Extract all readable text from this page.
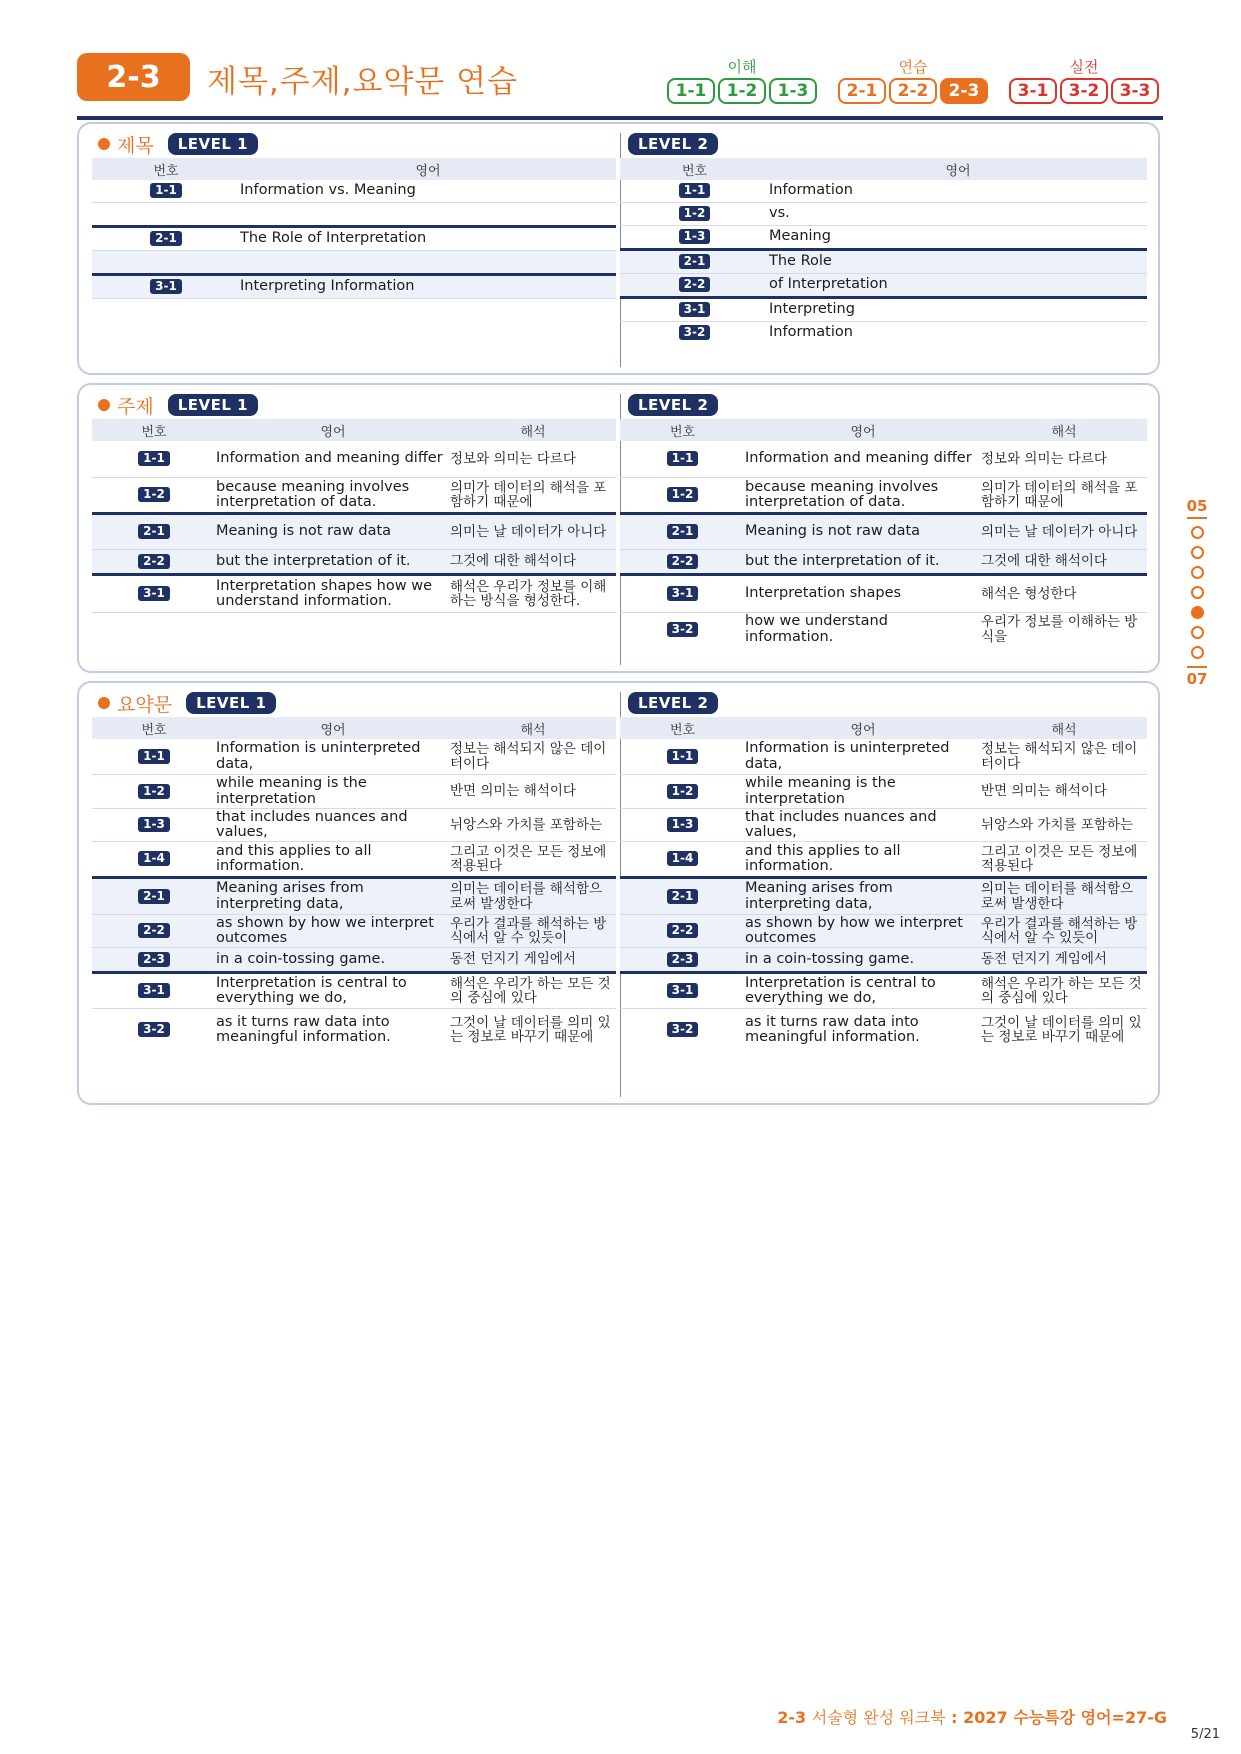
2-3	제목,주제,요약문 연습	이해
1-1	1-2	1-3
연습
2-1	2-2	2-3
실전
3-1	3-2	3-3
제목	LEVEL 1
번호	영어
1-1	Information vs. Meaning

2-1	The Role of Interpretation

3-1	Interpreting Information

LEVEL 2
번호	영어
1-1	Information
1-2	vs.
1-3	Meaning
2-1	The Role
2-2	of Interpretation
3-1	Interpreting
3-2	Information
주제	LEVEL 1
번호	영어	해석
1-1	Information and meaning differ	정보와 의미는 다르다
1-2	because meaning involves interpretation of data.	의미가 데이터의 해석을 포함하기 때문에
2-1	Meaning is not raw data	의미는 날 데이터가 아니다
2-2	but the interpretation of it.	그것에 대한 해석이다
3-1	Interpretation shapes how we understand information.	해석은 우리가 정보를 이해하는 방식을 형성한다.

LEVEL 2
번호	영어	해석
1-1	Information and meaning differ	정보와 의미는 다르다
1-2	because meaning involves interpretation of data.	의미가 데이터의 해석을 포함하기 때문에
2-1	Meaning is not raw data	의미는 날 데이터가 아니다
2-2	but the interpretation of it.	그것에 대한 해석이다
3-1	Interpretation shapes	해석은 형성한다
3-2	how we understand information.	우리가 정보를 이해하는 방식을
요약문	LEVEL 1
번호	영어	해석
1-1	Information is uninterpreted data,	정보는 해석되지 않은 데이터이다
1-2	while meaning is the interpretation	반면 의미는 해석이다
1-3	that includes nuances and values,	뉘앙스와 가치를 포함하는
1-4	and this applies to all information.	그리고 이것은 모든 정보에 적용된다
2-1	Meaning arises from interpreting data,	의미는 데이터를 해석함으로써 발생한다
2-2	as shown by how we interpret outcomes	우리가 결과를 해석하는 방식에서 알 수 있듯이
2-3	in a coin-tossing game.	동전 던지기 게임에서
3-1	Interpretation is central to everything we do,	해석은 우리가 하는 모든 것의 중심에 있다
3-2	as it turns raw data into meaningful information.	그것이 날 데이터를 의미 있는 정보로 바꾸기 때문에
LEVEL 2
번호	영어	해석
1-1	Information is uninterpreted data,	정보는 해석되지 않은 데이터이다
1-2	while meaning is the interpretation	반면 의미는 해석이다
1-3	that includes nuances and values,	뉘앙스와 가치를 포함하는
1-4	and this applies to all information.	그리고 이것은 모든 정보에 적용된다
2-1	Meaning arises from interpreting data,	의미는 데이터를 해석함으로써 발생한다
2-2	as shown by how we interpret outcomes	우리가 결과를 해석하는 방식에서 알 수 있듯이
2-3	in a coin-tossing game.	동전 던지기 게임에서
3-1	Interpretation is central to everything we do,	해석은 우리가 하는 모든 것의 중심에 있다
3-2	as it turns raw data into meaningful information.	그것이 날 데이터를 의미 있는 정보로 바꾸기 때문에
05
07
2-3 서술형 완성 워크북 : 2027 수능특강 영어=27-G
5/21
